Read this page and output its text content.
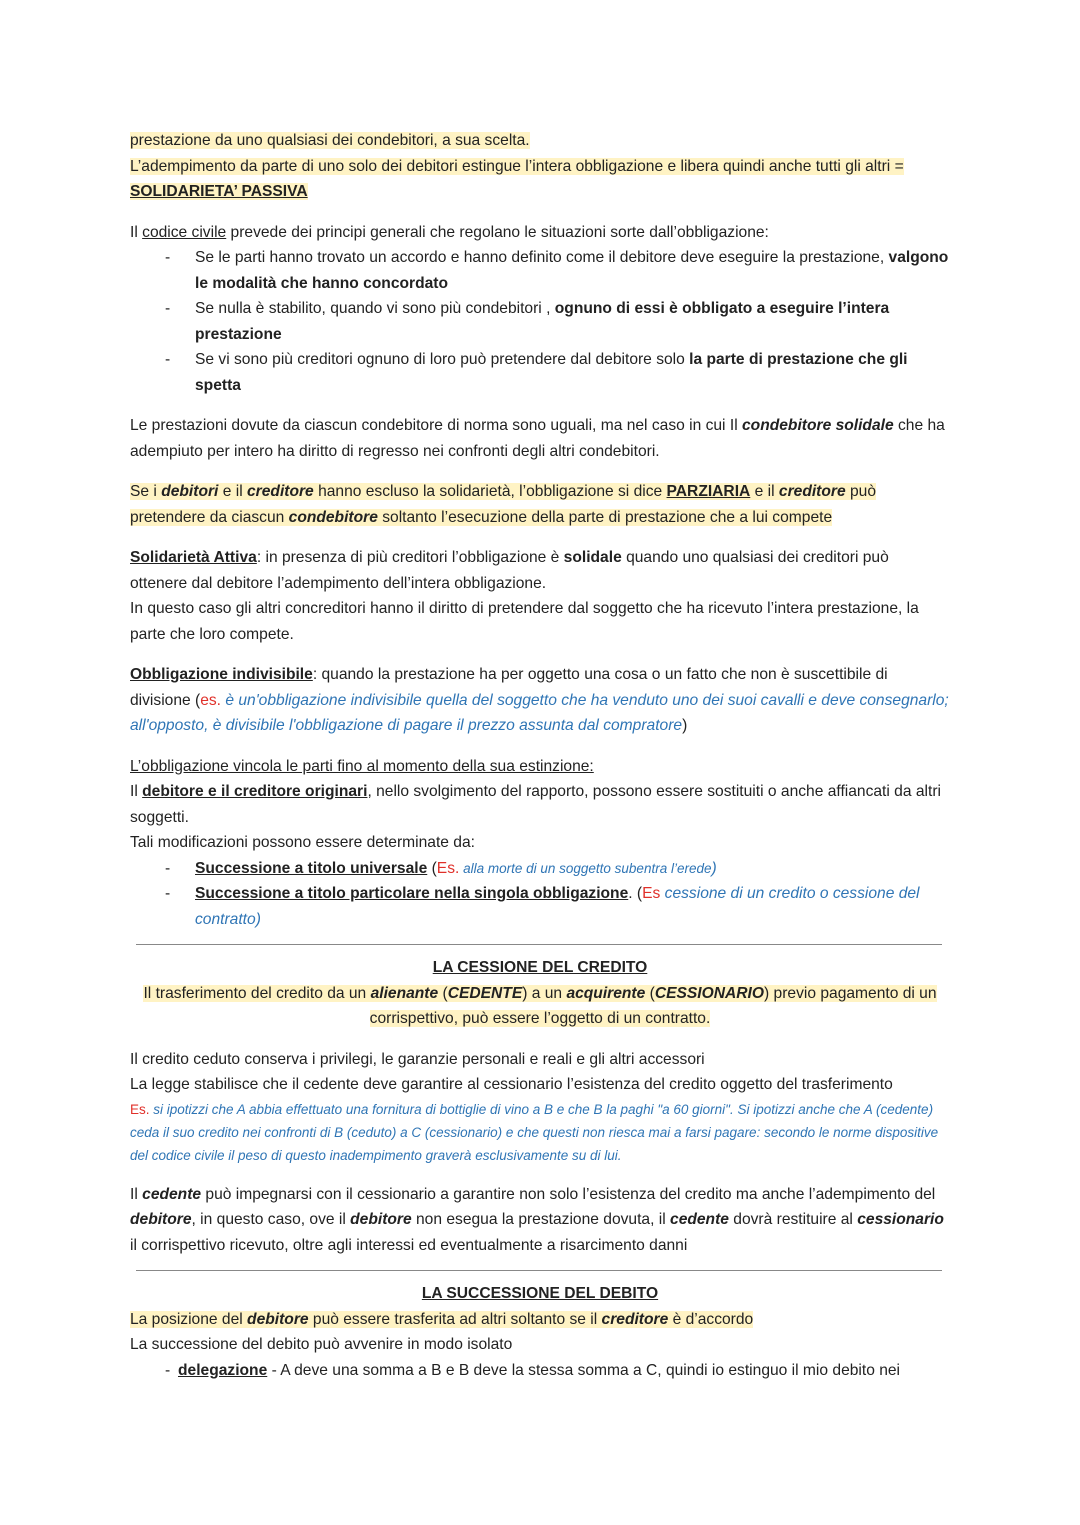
prestazione da uno qualsiasi dei condebitori, a sua scelta.
L’adempimento da parte di uno solo dei debitori estingue l’intera obbligazione e libera quindi anche tutti gli altri = SOLIDARIETA’ PASSIVA

Il codice civile prevede dei principi generali che regolano le situazioni sorte dall’obbligazione:

- Se le parti hanno trovato un accordo e hanno definito come il debitore deve eseguire la prestazione, valgono le modalità che hanno concordato
- Se nulla è stabilito, quando vi sono più condebitori , ognuno di essi è obbligato a eseguire l’intera prestazione
- Se vi sono più creditori ognuno di loro può pretendere dal debitore solo la parte di prestazione che gli spetta

Le prestazioni dovute da ciascun condebitore di norma sono uguali, ma nel caso in cui Il condebitore solidale che ha adempiuto per intero ha diritto di regresso nei confronti degli altri condebitori.

Se i debitori e il creditore hanno escluso la solidarietà, l’obbligazione si dice PARZIARIA e il creditore può pretendere da ciascun condebitore soltanto l’esecuzione della parte di prestazione che a lui compete

Solidarietà Attiva: in presenza di più creditori l’obbligazione è solidale quando uno qualsiasi dei creditori può ottenere dal debitore l’adempimento dell’intera obbligazione.
In questo caso gli altri concreditori hanno il diritto di pretendere dal soggetto che ha ricevuto l’intera prestazione, la parte che loro compete.

Obbligazione indivisibile: quando la prestazione ha per oggetto una cosa o un fatto che non è suscettibile di divisione (es. è un'obbligazione indivisibile quella del soggetto che ha venduto uno dei suoi cavalli e deve consegnarlo; all'opposto, è divisibile l'obbligazione di pagare il prezzo assunta dal compratore)

L’obbligazione vincola le parti fino al momento della sua estinzione:
Il debitore e il creditore originari, nello svolgimento del rapporto, possono essere sostituiti o anche affiancati da altri soggetti.
Tali modificazioni possono essere determinate da:

- Successione a titolo universale (Es. alla morte di un soggetto subentra l’erede)
- Successione a titolo particolare nella singola obbligazione. (Es cessione di un credito o cessione del contratto)

LA CESSIONE DEL CREDITO

Il trasferimento del credito da un alienante (CEDENTE) a un acquirente (CESSIONARIO) previo pagamento di un corrispettivo, può essere l’oggetto di un contratto.

Il credito ceduto conserva i privilegi, le garanzie personali e reali e gli altri accessori
La legge stabilisce che il cedente deve garantire al cessionario l’esistenza del credito oggetto del trasferimento

Es. si ipotizzi che A abbia effettuato una fornitura di bottiglie di vino a B e che B la paghi "a 60 giorni". Si ipotizzi anche che A (cedente) ceda il suo credito nei confronti di B (ceduto) a C (cessionario) e che questi non riesca mai a farsi pagare: secondo le norme dispositive del codice civile il peso di questo inadempimento graverà esclusivamente su di lui.

Il cedente può impegnarsi con il cessionario a garantire non solo l’esistenza del credito ma anche l’adempimento del debitore, in questo caso, ove il debitore non esegua la prestazione dovuta, il cedente dovrà restituire al cessionario il corrispettivo ricevuto, oltre agli interessi ed eventualmente a risarcimento danni

LA SUCCESSIONE DEL DEBITO

La posizione del debitore può essere trasferita ad altri soltanto se il creditore è d’accordo
La successione del debito può avvenire in modo isolato

- delegazione - A deve una somma a B e B deve la stessa somma a C, quindi io estinguo il mio debito nei
